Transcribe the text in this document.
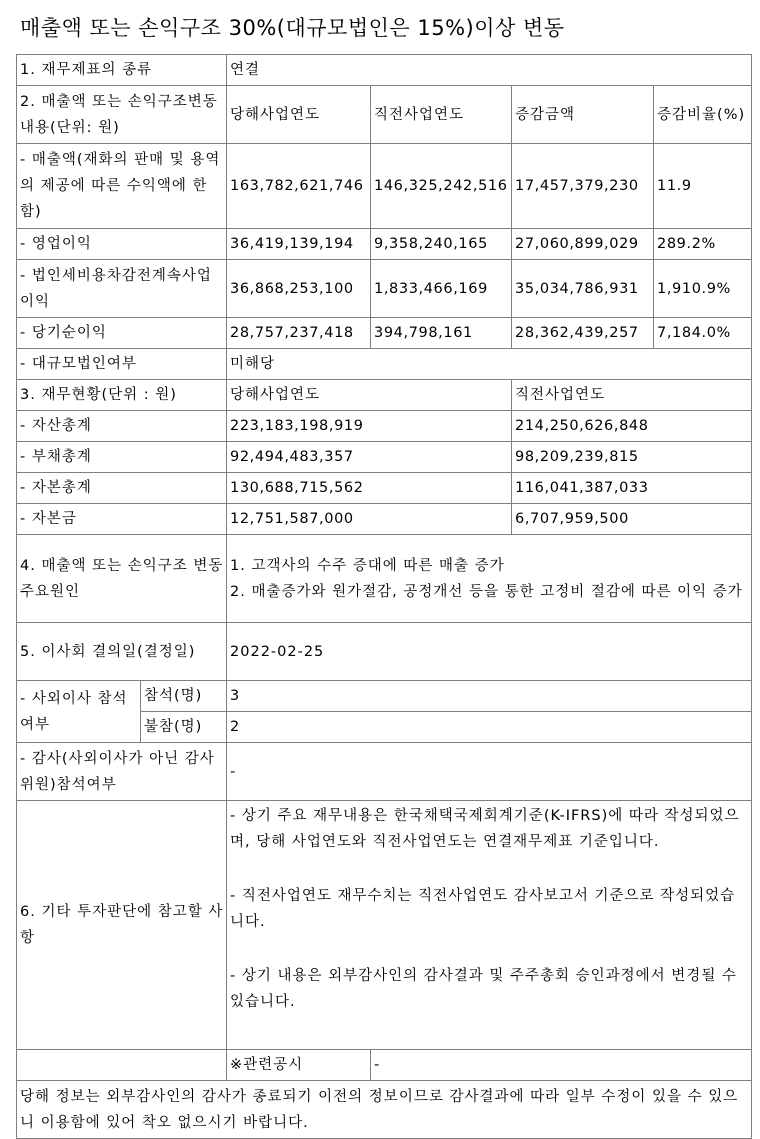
매출액 또는 손익구조 30%(대규모법인은 15%)이상 변동
1. 재무제표의 종류		연결			
2. 매출액 또는 손익구조변동내용(단위: 원)		당해사업연도	직전사업연도	증감금액	증감비율(%)
- 매출액(재화의 판매 및 용역의 제공에 따른 수익액에 한함)		163,782,621,746	146,325,242,516	17,457,379,230	11.9
- 영업이익		36,419,139,194	9,358,240,165	27,060,899,029	289.2%
- 법인세비용차감전계속사업이익		36,868,253,100	1,833,466,169	35,034,786,931	1,910.9%
- 당기순이익		28,757,237,418	394,798,161	28,362,439,257	7,184.0%
- 대규모법인여부		미해당			
3. 재무현황(단위 : 원)		당해사업연도		직전사업연도	
- 자산총계		223,183,198,919		214,250,626,848	
- 부채총계		92,494,483,357		98,209,239,815	
- 자본총계		130,688,715,562		116,041,387,033	
- 자본금		12,751,587,000		6,707,959,500	
4. 매출액 또는 손익구조 변동 주요원인		1. 고객사의 수주 증대에 따른 매출 증가
2. 매출증가와 원가절감, 공정개선 등을 통한 고정비 절감에 따른 이익 증가			

5. 이사회 결의일(결정일)		2022-02-25			
- 사외이사 참석여부	참석(명)	3			
	불참(명)	2			
- 감사(사외이사가 아닌 감사위원)참석여부		-			
6. 기타 투자판단에 참고할 사항		- 상기 주요 재무내용은 한국채택국제회계기준(K-IFRS)에 따라 작성되었으며, 당해 사업연도와 직전사업연도는 연결재무제표 기준입니다.
- 직전사업연도 재무수치는 직전사업연도 감사보고서 기준으로 작성되었습니다.
- 상기 내용은 외부감사인의 감사결과 및 주주총회 승인과정에서 변경될 수 있습니다.			

		※관련공시	-		
당해 정보는 외부감사인의 감사가 종료되기 이전의 정보이므로 감사결과에 따라 일부 수정이 있을 수 있으니 이용함에 있어 착오 없으시기 바랍니다.					
